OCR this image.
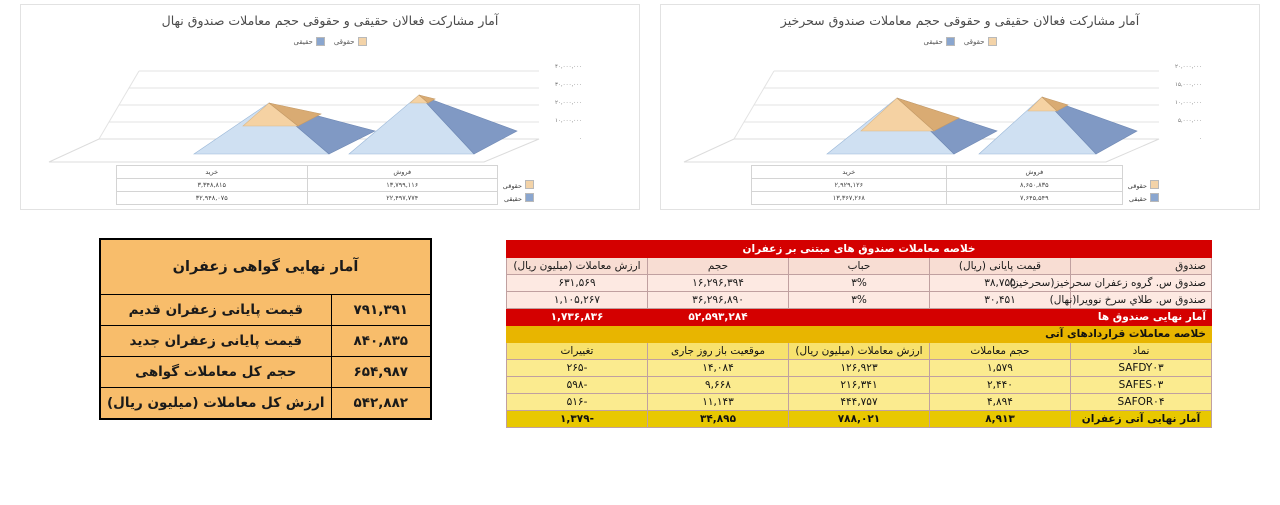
آمار مشارکت فعالان حقیقی و حقوقی حجم معاملات صندوق نهال
حقوقی
حقیقی
۴۰,۰۰۰,۰۰۰
۳۰,۰۰۰,۰۰۰
۲۰,۰۰۰,۰۰۰
۱۰,۰۰۰,۰۰۰
۰
	فروش	خرید
حقوقی	۱۳,۷۹۹,۱۱۶	۳,۳۴۸,۸۱۵
حقیقی	۲۲,۴۹۷,۷۷۴	۳۲,۹۴۸,۰۷۵
آمار مشارکت فعالان حقیقی و حقوقی حجم معاملات صندوق سحرخیز
حقوقی
حقیقی
۲۰,۰۰۰,۰۰۰
۱۵,۰۰۰,۰۰۰
۱۰,۰۰۰,۰۰۰
۵,۰۰۰,۰۰۰
۰
	فروش	خرید
حقوقی	۸,۶۵۰,۸۳۵	۲,۹۲۹,۱۲۶
حقیقی	۷,۶۴۵,۵۴۹	۱۳,۳۶۷,۲۶۸
آمار نهایی گواهی زعفران	
۷۹۱,۳۹۱	قیمت پایانی زعفران قدیم
۸۴۰,۸۳۵	قیمت پایانی زعفران جدید
۶۵۴,۹۸۷	حجم کل معاملات گواهی
۵۴۲,۸۸۲	ارزش کل معاملات (میلیون ریال)
خلاصه معاملات صندوق های مبتنی بر زعفران				
صندوق	قیمت پایانی (ریال)	حباب	حجم	ارزش معاملات (میلیون ریال)
صندوق س. گروه زعفران سحرخیز(سحرخیز)	۳۸,۷۵۵	۳%	۱۶,۲۹۶,۳۹۴	۶۳۱,۵۶۹
صندوق س. طلاي سرخ نوويرا(نهال)	۳۰,۴۵۱	۳%	۳۶,۲۹۶,۸۹۰	۱,۱۰۵,۲۶۷
آمار نهایی صندوق ها			۵۲,۵۹۳,۲۸۴	۱,۷۳۶,۸۳۶
خلاصه معاملات قراردادهای آتی				
نماد	حجم معاملات	ارزش معاملات (میلیون ریال)	موقعیت باز روز جاری	تغییرات
SAFDY۰۳	۱,۵۷۹	۱۲۶,۹۲۳	۱۴,۰۸۴	-۲۶۵
SAFES۰۳	۲,۴۴۰	۲۱۶,۳۴۱	۹,۶۶۸	-۵۹۸
SAFOR۰۴	۴,۸۹۴	۴۴۴,۷۵۷	۱۱,۱۴۳	-۵۱۶
آمار نهایی آتی زعفران	۸,۹۱۳	۷۸۸,۰۲۱	۳۴,۸۹۵	-۱,۳۷۹
